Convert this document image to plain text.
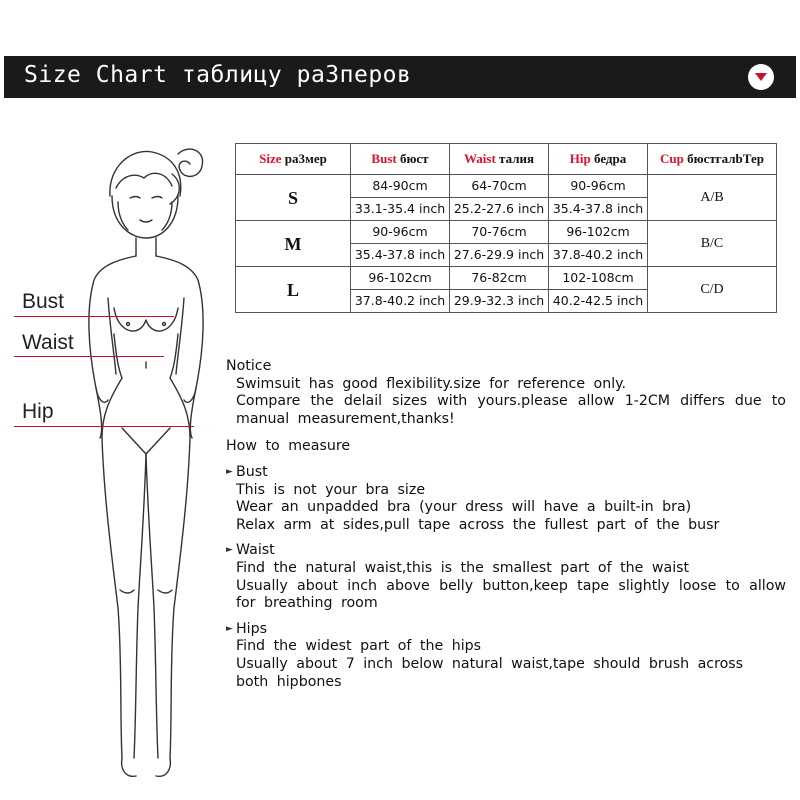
Size Chart таблицу ра3перов
Bust
Waist
Hip
Size pa3мер	Bust бюст	Waist талия	Hip бедра	Cup бюстгалbТер
S	84-90cm	64-70cm	90-96cm	A/B
	33.1-35.4 inch	25.2-27.6 inch	35.4-37.8 inch	
M	90-96cm	70-76cm	96-102cm	B/C
	35.4-37.8 inch	27.6-29.9 inch	37.8-40.2 inch	
L	96-102cm	76-82cm	102-108cm	C/D
	37.8-40.2 inch	29.9-32.3 inch	40.2-42.5 inch	

Notice

Swimsuit has good flexibility.size for reference only.

Compare the delail sizes with yours.please allow 1-2CM differs due to manual measurement,thanks!

How to measure

► Bust

This is not your bra size

Wear an unpadded bra (your dress will have a built-in bra)

Relax arm at sides,pull tape across the fullest part of the busr

► Waist

Find the natural waist,this is the smallest part of the waist

Usually about inch above belly button,keep tape slightly loose to allow for breathing room

► Hips

Find the widest part of the hips

Usually about 7 inch below natural waist,tape should brush across both hipbones
